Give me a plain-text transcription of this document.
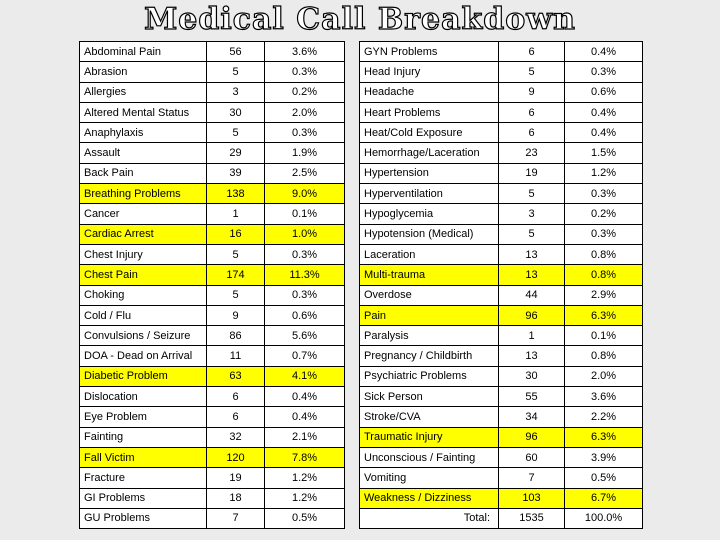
Medical Call Breakdown
Abdominal Pain	56	3.6%
Abrasion	5	0.3%
Allergies	3	0.2%
Altered Mental Status	30	2.0%
Anaphylaxis	5	0.3%
Assault	29	1.9%
Back Pain	39	2.5%
Breathing Problems	138	9.0%
Cancer	1	0.1%
Cardiac Arrest	16	1.0%
Chest Injury	5	0.3%
Chest Pain	174	11.3%
Choking	5	0.3%
Cold / Flu	9	0.6%
Convulsions / Seizure	86	5.6%
DOA - Dead on Arrival	11	0.7%
Diabetic Problem	63	4.1%
Dislocation	6	0.4%
Eye Problem	6	0.4%
Fainting	32	2.1%
Fall Victim	120	7.8%
Fracture	19	1.2%
GI Problems	18	1.2%
GU Problems	7	0.5%
GYN Problems	6	0.4%
Head Injury	5	0.3%
Headache	9	0.6%
Heart Problems	6	0.4%
Heat/Cold Exposure	6	0.4%
Hemorrhage/Laceration	23	1.5%
Hypertension	19	1.2%
Hyperventilation	5	0.3%
Hypoglycemia	3	0.2%
Hypotension (Medical)	5	0.3%
Laceration	13	0.8%
Multi-trauma	13	0.8%
Overdose	44	2.9%
Pain	96	6.3%
Paralysis	1	0.1%
Pregnancy / Childbirth	13	0.8%
Psychiatric Problems	30	2.0%
Sick Person	55	3.6%
Stroke/CVA	34	2.2%
Traumatic Injury	96	6.3%
Unconscious / Fainting	60	3.9%
Vomiting	7	0.5%
Weakness / Dizziness	103	6.7%
Total:	1535	100.0%
